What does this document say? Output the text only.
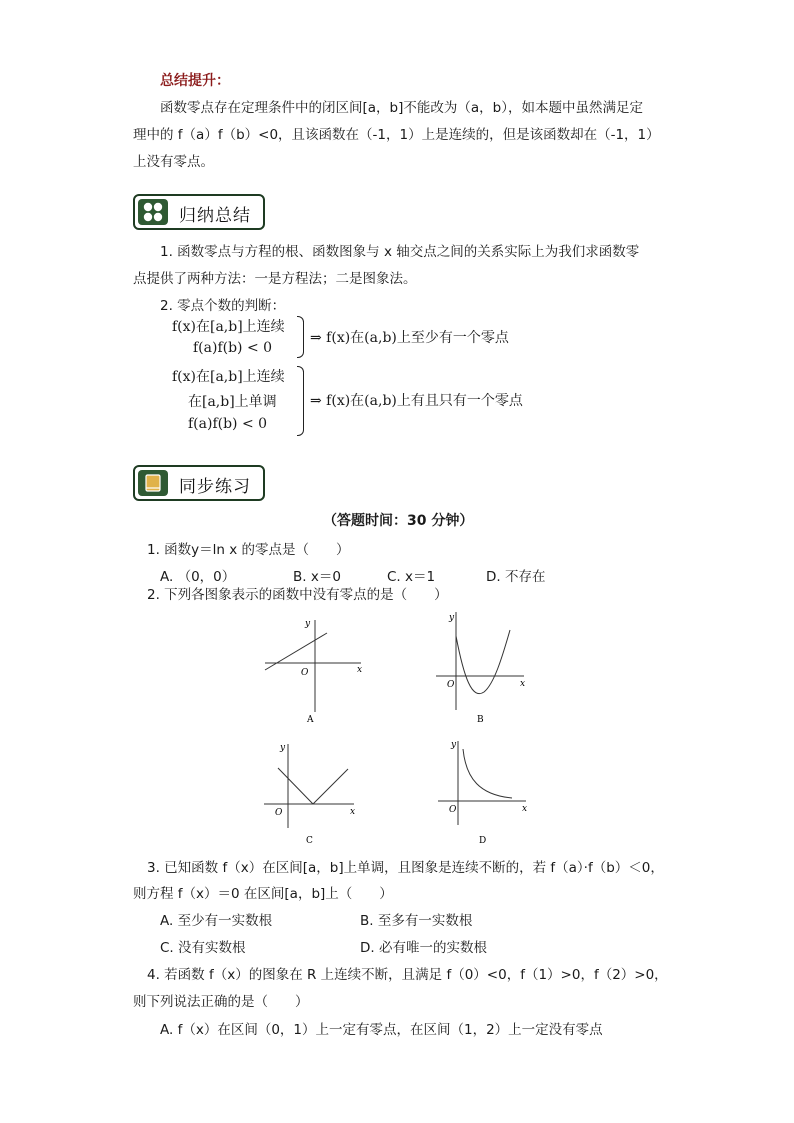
总结提升：
函数零点存在定理条件中的闭区间[a，b]不能改为（a，b），如本题中虽然满足定
理中的 f（a）f（b）<0，且该函数在（-1，1）上是连续的，但是该函数却在（-1，1）
上没有零点。
归纳总结
1. 函数零点与方程的根、函数图象与 x 轴交点之间的关系实际上为我们求函数零
点提供了两种方法：一是方程法；二是图象法。
2. 零点个数的判断：
f(x)在[a,b]上连续
f(a)f(b) < 0
⇒ f(x)在(a,b)上至少有一个零点
f(x)在[a,b]上连续
在[a,b]上单调
f(a)f(b) < 0
⇒ f(x)在(a,b)上有且只有一个零点
同步练习
（答题时间：30 分钟）
1. 函数y＝ln x 的零点是（　　）
A. （0，0）	B. x＝0	C. x＝1	D. 不存在
2. 下列各图象表示的函数中没有零点的是（　　）
x
y
O
A
x
y
O
B
x
y
O
C
x
y
O
D
3. 已知函数 f（x）在区间[a，b]上单调，且图象是连续不断的，若 f（a）·f（b）＜0，
则方程 f（x）＝0 在区间[a，b]上（　　）
A. 至少有一实数根	B. 至多有一实数根
C. 没有实数根	D. 必有唯一的实数根
4. 若函数 f（x）的图象在 R 上连续不断，且满足 f（0）<0，f（1）>0，f（2）>0，
则下列说法正确的是（　　）
A. f（x）在区间（0，1）上一定有零点，在区间（1，2）上一定没有零点
